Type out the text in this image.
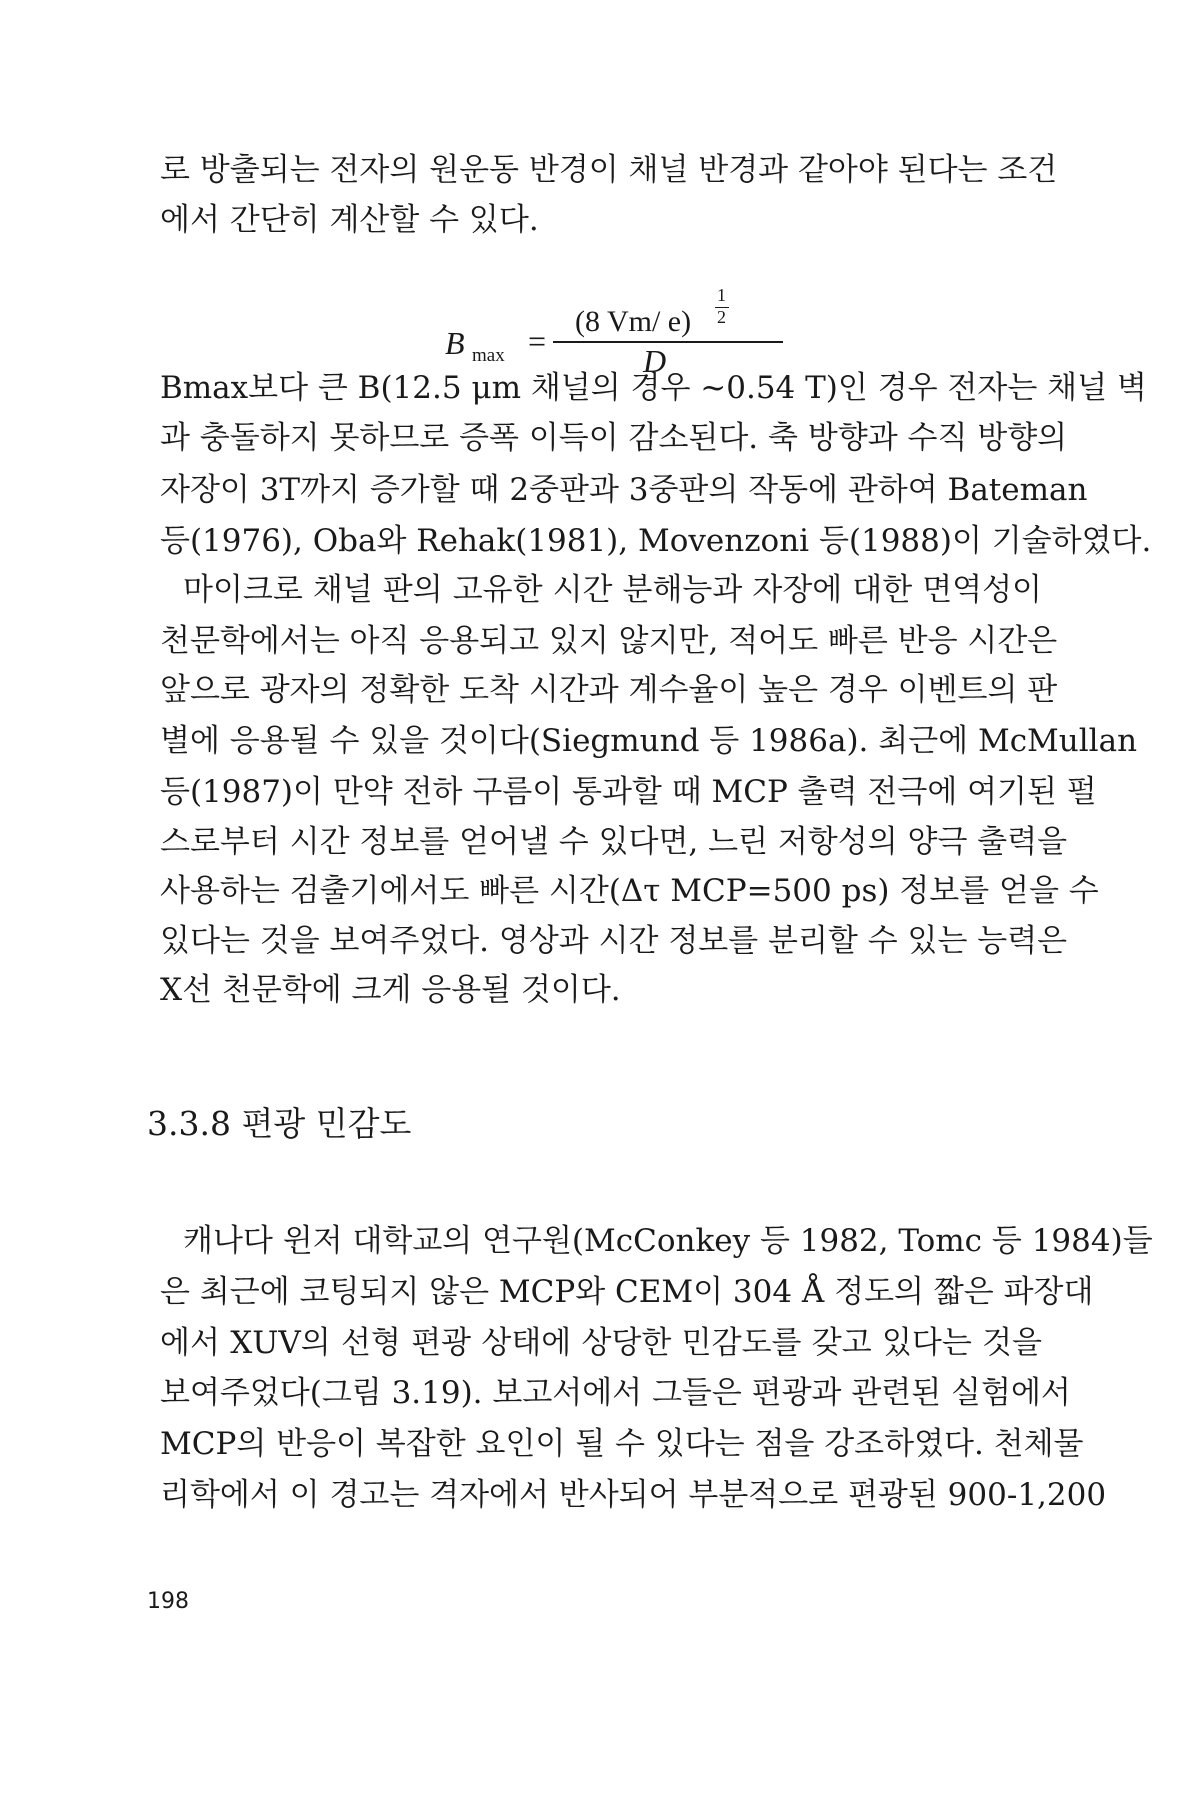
로 방출되는 전자의 원운동 반경이 채널 반경과 같아야 된다는 조건
에서 간단히 계산할 수 있다.
B max =
(8 Vm/ e)
1
2
D
Bmax보다 큰 B(12.5 μm 채널의 경우 ~0.54 T)인 경우 전자는 채널 벽
과 충돌하지 못하므로 증폭 이득이 감소된다. 축 방향과 수직 방향의
자장이 3T까지 증가할 때 2중판과 3중판의 작동에 관하여 Bateman
등(1976), Oba와 Rehak(1981), Movenzoni 등(1988)이 기술하였다.
마이크로 채널 판의 고유한 시간 분해능과 자장에 대한 면역성이
천문학에서는 아직 응용되고 있지 않지만, 적어도 빠른 반응 시간은
앞으로 광자의 정확한 도착 시간과 계수율이 높은 경우 이벤트의 판
별에 응용될 수 있을 것이다(Siegmund 등 1986a). 최근에 McMullan
등(1987)이 만약 전하 구름이 통과할 때 MCP 출력 전극에 여기된 펄
스로부터 시간 정보를 얻어낼 수 있다면, 느린 저항성의 양극 출력을
사용하는 검출기에서도 빠른 시간(Δτ MCP=500 ps) 정보를 얻을 수
있다는 것을 보여주었다. 영상과 시간 정보를 분리할 수 있는 능력은
X선 천문학에 크게 응용될 것이다.
3.3.8 편광 민감도
캐나다 윈저 대학교의 연구원(McConkey 등 1982, Tomc 등 1984)들
은 최근에 코팅되지 않은 MCP와 CEM이 304 Å 정도의 짧은 파장대
에서 XUV의 선형 편광 상태에 상당한 민감도를 갖고 있다는 것을
보여주었다(그림 3.19). 보고서에서 그들은 편광과 관련된 실험에서
MCP의 반응이 복잡한 요인이 될 수 있다는 점을 강조하였다. 천체물
리학에서 이 경고는 격자에서 반사되어 부분적으로 편광된 900-1,200
198
